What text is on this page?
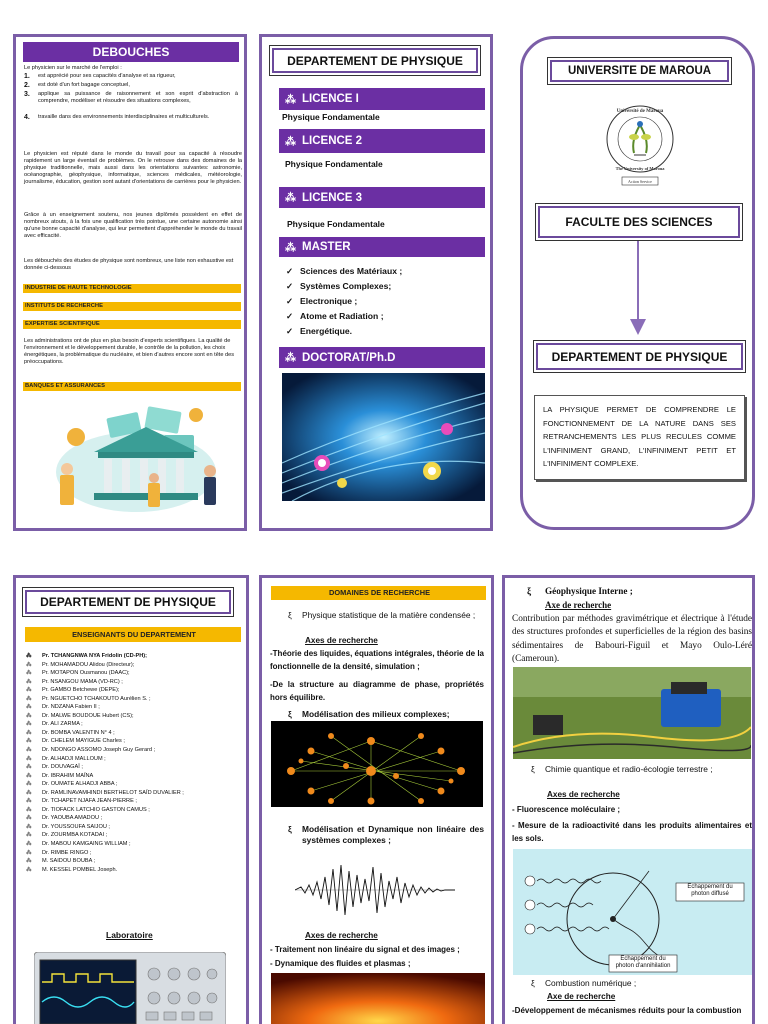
DEBOUCHES
Le physicien sur le marché de l'emploi :
1.	est apprécié pour ses capacités d'analyse et sa rigueur,
2.	est doté d'un fort bagage conceptuel,
3.	applique sa puissance de raisonnement et son esprit d'abstraction à comprendre, modéliser et résoudre des situations complexes,
4.	travaille dans des environnements interdisciplinaires et multiculturels.
Le physicien est réputé dans le monde du travail pour sa capacité à résoudre rapidement un large éventail de problèmes. On le retrouve dans des domaines de la physique traditionnelle, mais aussi dans les orientations suivantes: astronomie, océanographie, géophysique, informatique, sciences médicales, météorologie, journalisme, éducation, gestion sont autant d'orientations de carrières pour le physicien.
Grâce à un enseignement soutenu, nos jeunes diplômés possèdent en effet de nombreux atouts, à la fois une qualification très pointue, une certaine autonomie ainsi qu'une bonne capacité d'analyse, qui leur permettent d'appréhender le monde du travail avec efficacité.
Les débouchés des études de physique sont nombreux, une liste non exhaustive est donnée ci-dessous
INDUSTRIE DE HAUTE TECHNOLOGIE
INSTITUTS DE RECHERCHE
EXPERTISE SCIENTIFIQUE
Les administrations ont de plus en plus besoin d'experts scientifiques. La qualité de l'environnement et le développement durable, le contrôle de la pollution, les choix énergétiques, la problématique du nucléaire, et bien d'autres encore sont en tête des préoccupations.
BANQUES ET ASSURANCES
DEPARTEMENT DE PHYSIQUE
⁂ LICENCE I
Physique Fondamentale
⁂ LICENCE 2
Physique Fondamentale
⁂ LICENCE 3
Physique Fondamentale
⁂ MASTER
✓ Sciences des Matériaux ;
✓ Systèmes Complexes;
✓ Electronique ;
✓ Atome et Radiation ;
✓ Energétique.
⁂ DOCTORAT/Ph.D
UNIVERSITE DE MAROUA
Université de Maroua
The University of Maroua
Action Service
FACULTE DES SCIENCES
DEPARTEMENT DE PHYSIQUE
LA PHYSIQUE PERMET DE COMPRENDRE LE FONCTIONNEMENT DE LA NATURE DANS SES RETRANCHEMENTS LES PLUS RECULES COMME L'INFINIMENT GRAND, L'INFINIMENT PETIT ET L'INFINIMENT COMPLEXE.
DEPARTEMENT DE PHYSIQUE
ENSEIGNANTS DU DEPARTEMENT
⁂ Pr. TCHANGNWA NYA Fridolin (CD-PH);
⁂ Pr. MOHAMADOU Alidou (Directeur);
⁂ Pr. MOTAPON Ousmanou (DAAC);
⁂ Pr. NSANGOU MAMA (VD-RC) ;
⁂ Pr. GAMBO Betchewe (DEPE);
⁂ Pr. NGUETCHO TCHAKOUTO Aurélien S. ;
⁂ Dr. NDZANA Fabien II ;
⁂ Dr. MALWE BOUDOUE Hubert (CS);
⁂ Dr. ALI ZARMA ;
⁂ Dr. BOMBA VALENTIN N° 4 ;
⁂ Dr. CHELEM MAYIGUE Charles ;
⁂ Dr. NDONGO ASSOMO Joseph Guy Gerard ;
⁂ Dr. ALHADJI MALLOUM ;
⁂ Dr. DOUVAGAÏ ;
⁂ Dr. IBRAHIM MAÏNA
⁂ Dr. OUMATE ALHADJI ABBA ;
⁂ Dr. RAMLINAVAMHINDI BERTHELOT SAÏD DUVALIER ;
⁂ Dr. TCHAPET NJAFA JEAN-PIERRE ;
⁂ Dr. TIOFACK LATCHIO GASTON CAMUS ;
⁂ Dr. YAOUBA AMADOU ;
⁂ Dr. YOUSSOUFA SAIJOU ;
⁂ Dr. ZOURMBA KOTADAI ;
⁂ Dr. MABOU KAMGAING WILLIAM ;
⁂ Dr. RIMBE RINGO ;
⁂ M. SAIDOU BOUBA ;
⁂ M. KESSEL POMBEL Joseph.
Laboratoire
DOMAINES DE RECHERCHE
ξ	Physique statistique de la matière condensée ;
Axes de recherche
-Théorie des liquides, équations intégrales, théorie de la fonctionnelle de la densité, simulation ;
-De la structure au diagramme de phase, propriétés hors équilibre.
ξ	Modélisation des milieux complexes;
ξ	Modélisation et Dynamique non linéaire des systèmes complexes ;
Axes de recherche
- Traitement non linéaire du signal et des images ;
- Dynamique des fluides et plasmas ;
ξ	Géophysique Interne ;
Axe de recherche
Contribution par méthodes gravimétrique et électrique à l'étude des structures profondes et superficielles de la région des basins sédimentaires de Babouri-Figuil et Mayo Oulo-Léré (Cameroun).
ξ	Chimie quantique et radio-écologie terrestre ;
Axes de recherche
- Fluorescence moléculaire ;
- Mesure de la radioactivité dans les produits alimentaires et les sols.
Echappement du photon diffusé
Echappement du photon d'annihilation
ξ	Combustion numérique ;
Axe de recherche
-Développement de mécanismes réduits pour la combustion
